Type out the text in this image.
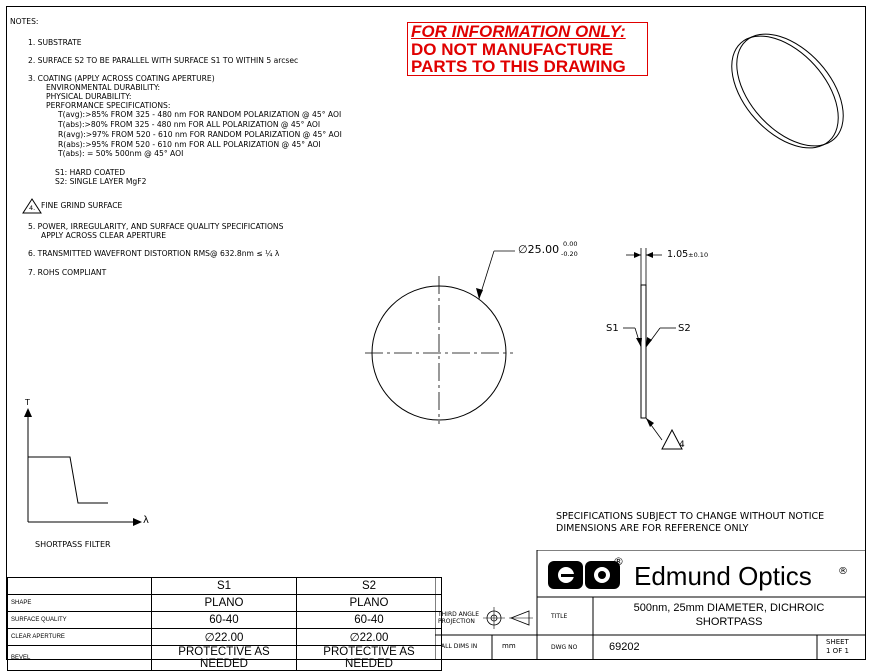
NOTES:
1. SUBSTRATE
2. SURFACE S2 TO BE PARALLEL WITH SURFACE S1 TO WITHIN 5 arcsec
3. COATING (APPLY ACROSS COATING APERTURE)
ENVIRONMENTAL DURABILITY:
PHYSICAL DURABILITY:
PERFORMANCE SPECIFICATIONS:
T(avg):>85% FROM 325 - 480 nm FOR RANDOM POLARIZATION @ 45° AOI
T(abs):>80% FROM 325 - 480 nm FOR ALL POLARIZATION @ 45° AOI
R(avg):>97% FROM 520 - 610 nm FOR RANDOM POLARIZATION @ 45° AOI
R(abs):>95% FROM 520 - 610 nm FOR ALL POLARIZATION @ 45° AOI
T(abs): = 50% 500nm @ 45° AOI
S1: HARD COATED
S2: SINGLE LAYER MgF2
4. FINE GRIND SURFACE
5. POWER, IRREGULARITY, AND SURFACE QUALITY SPECIFICATIONS
APPLY ACROSS CLEAR APERTURE
6. TRANSMITTED WAVEFRONT DISTORTION RMS@ 632.8nm ≤ ¼ λ
7. ROHS COMPLIANT
FOR INFORMATION ONLY:
DO NOT MANUFACTURE
PARTS TO THIS DRAWING
∅25.00 0.00
-0.20	1.05±0.10
S1	S2
4
T
λ
SHORTPASS FILTER
SPECIFICATIONS SUBJECT TO CHANGE WITHOUT NOTICE
DIMENSIONS ARE FOR REFERENCE ONLY
	S1	S2
SHAPE	PLANO	PLANO
SURFACE QUALITY	60-40	60-40
CLEAR APERTURE	∅22.00	∅22.00
BEVEL	PROTECTIVE AS NEEDED	PROTECTIVE AS NEEDED
® Edmund Optics	®
THIRD ANGLE
PROJECTION
TITLE
500nm, 25mm DIAMETER, DICHROIC
SHORTPASS
ALL DIMS IN	mm	DWG NO	69202	SHEET
1 OF 1
